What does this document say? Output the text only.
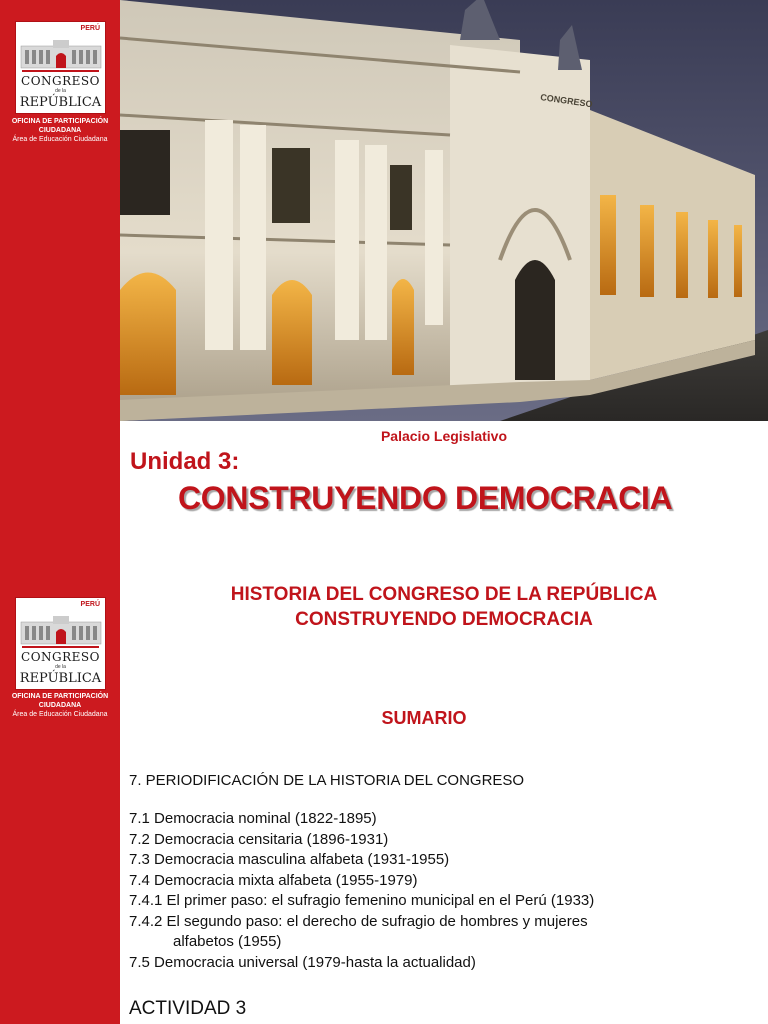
PERÚ
CONGRESO
de la
REPÚBLICA
OFICINA DE PARTICIPACIÓN
CIUDADANA
Área de Educación Ciudadana
PERÚ
CONGRESO
de la
REPÚBLICA
OFICINA DE PARTICIPACIÓN
CIUDADANA
Área de Educación Ciudadana
CONGRESO
Palacio Legislativo
Unidad 3:
CONSTRUYENDO DEMOCRACIA
HISTORIA DEL CONGRESO DE LA REPÚBLICA
CONSTRUYENDO DEMOCRACIA
SUMARIO
7. PERIODIFICACIÓN DE LA HISTORIA DEL CONGRESO
7.1 Democracia nominal (1822-1895)
7.2 Democracia censitaria (1896-1931)
7.3 Democracia masculina alfabeta (1931-1955)
7.4 Democracia mixta alfabeta (1955-1979)
7.4.1 El primer paso: el sufragio femenino municipal en el Perú (1933)
7.4.2 El segundo paso: el derecho de sufragio de hombres y mujeres
alfabetos (1955)
7.5 Democracia universal (1979-hasta la actualidad)
ACTIVIDAD 3
